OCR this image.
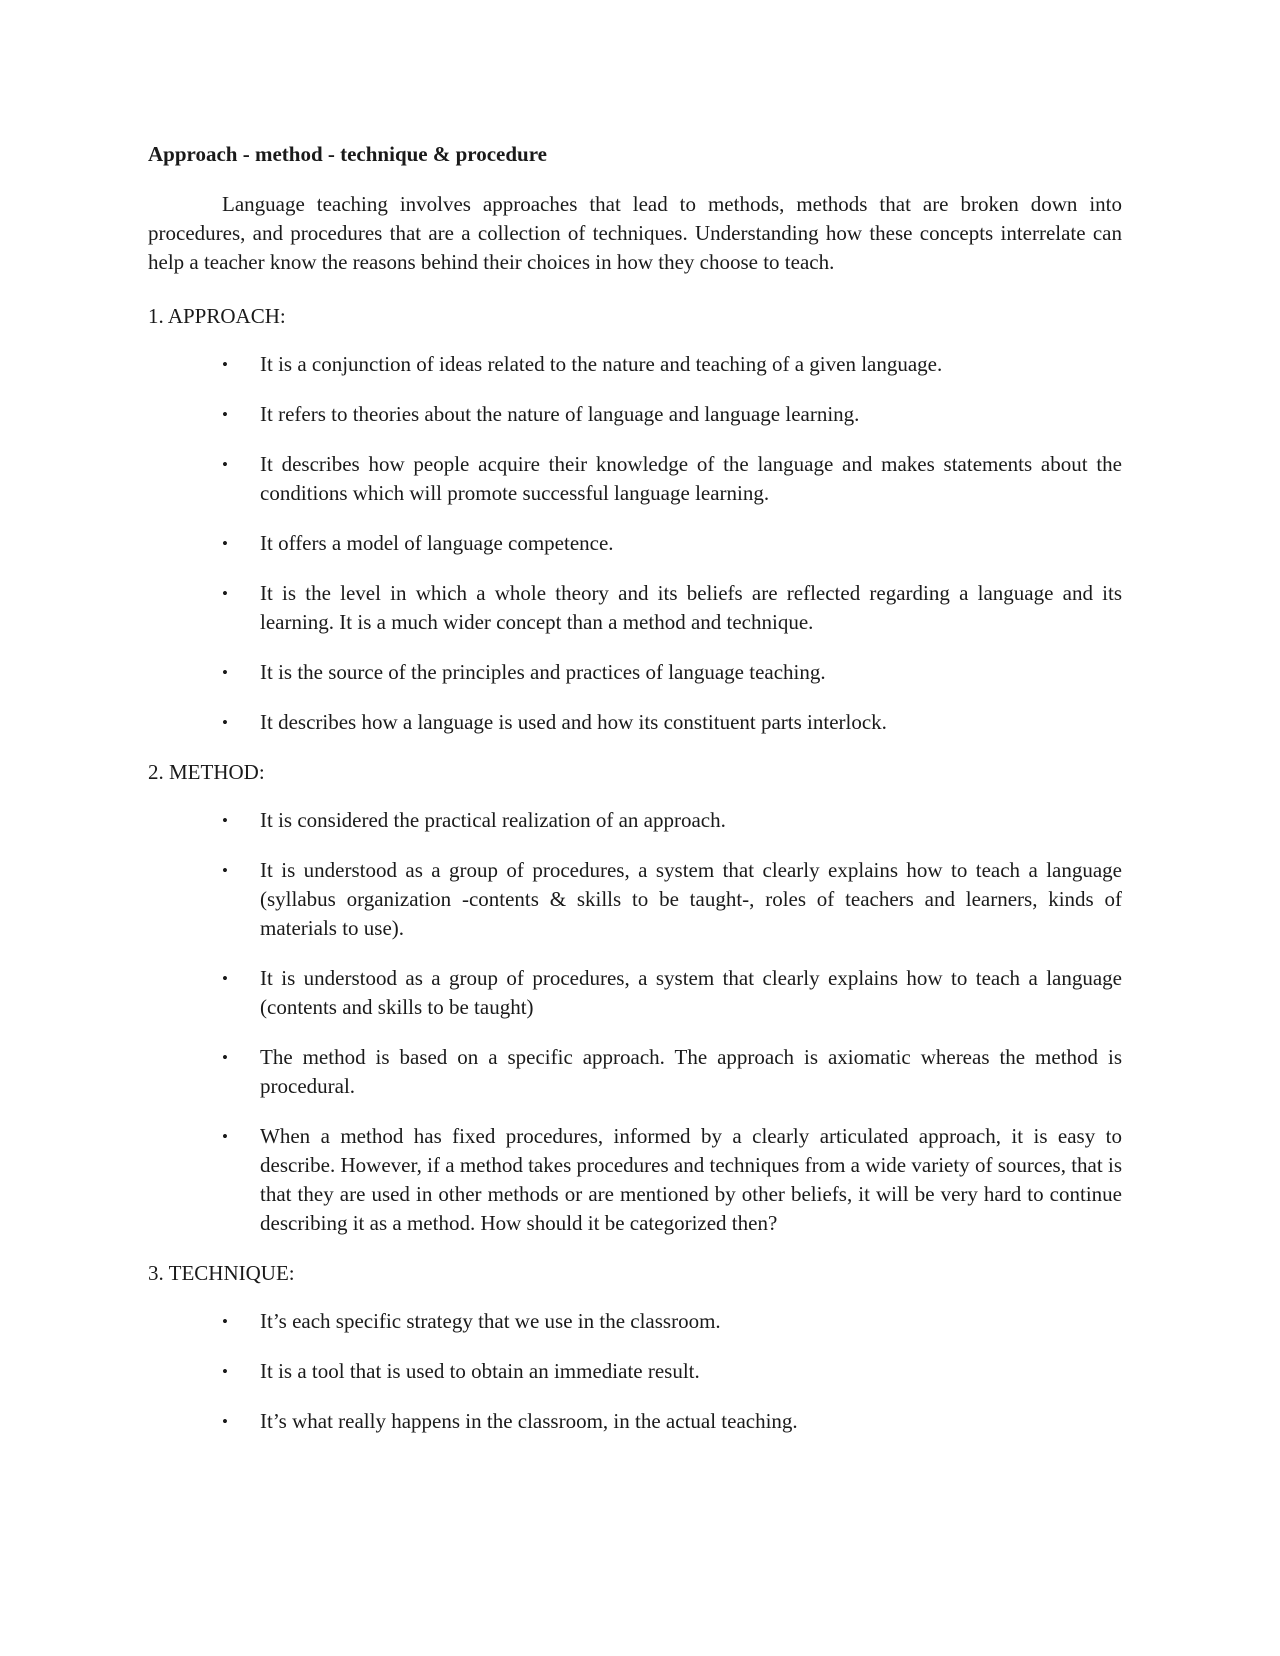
Approach - method - technique & procedure

Language teaching involves approaches that lead to methods, methods that are broken down into procedures, and procedures that are a collection of techniques. Understanding how these concepts interrelate can help a teacher know the reasons behind their choices in how they choose to teach.

1. APPROACH:
• It is a conjunction of ideas related to the nature and teaching of a given language.
• It refers to theories about the nature of language and language learning.
• It describes how people acquire their knowledge of the language and makes statements about the conditions which will promote successful language learning.
• It offers a model of language competence.
• It is the level in which a whole theory and its beliefs are reflected regarding a language and its learning. It is a much wider concept than a method and technique.
• It is the source of the principles and practices of language teaching.
• It describes how a language is used and how its constituent parts interlock.
2. METHOD:
• It is considered the practical realization of an approach.
• It is understood as a group of procedures, a system that clearly explains how to teach a language (syllabus organization -contents & skills to be taught-, roles of teachers and learners, kinds of materials to use).
• It is understood as a group of procedures, a system that clearly explains how to teach a language (contents and skills to be taught)
• The method is based on a specific approach. The approach is axiomatic whereas the method is procedural.
• When a method has fixed procedures, informed by a clearly articulated approach, it is easy to describe. However, if a method takes procedures and techniques from a wide variety of sources, that is that they are used in other methods or are mentioned by other beliefs, it will be very hard to continue describing it as a method. How should it be categorized then?
3. TECHNIQUE:
• It’s each specific strategy that we use in the classroom.
• It is a tool that is used to obtain an immediate result.
• It’s what really happens in the classroom, in the actual teaching.
